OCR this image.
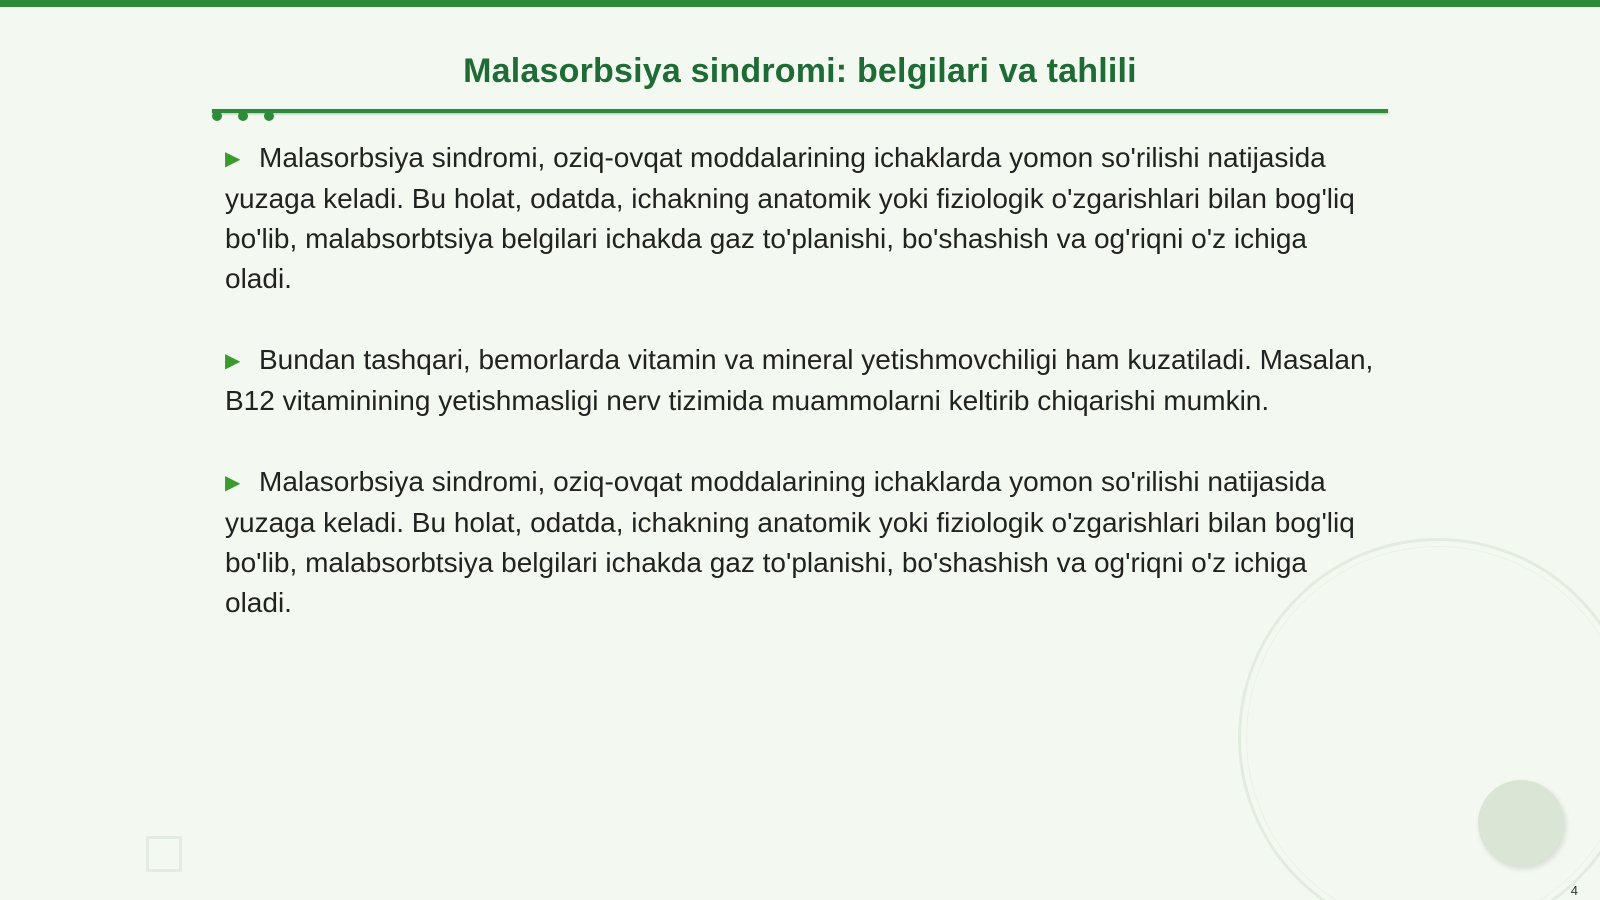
Malasorbsiya sindromi: belgilari va tahlili

▶ Malasorbsiya sindromi, oziq-ovqat moddalarining ichaklarda yomon so'rilishi natijasida yuzaga keladi. Bu holat, odatda, ichakning anatomik yoki fiziologik o'zgarishlari bilan bog'liq bo'lib, malabsorbtsiya belgilari ichakda gaz to'planishi, bo'shashish va og'riqni o'z ichiga oladi.

▶ Bundan tashqari, bemorlarda vitamin va mineral yetishmovchiligi ham kuzatiladi. Masalan, B12 vitaminining yetishmasligi nerv tizimida muammolarni keltirib chiqarishi mumkin.

▶ Malasorbsiya sindromi, oziq-ovqat moddalarining ichaklarda yomon so'rilishi natijasida yuzaga keladi. Bu holat, odatda, ichakning anatomik yoki fiziologik o'zgarishlari bilan bog'liq bo'lib, malabsorbtsiya belgilari ichakda gaz to'planishi, bo'shashish va og'riqni o'z ichiga oladi.

4
